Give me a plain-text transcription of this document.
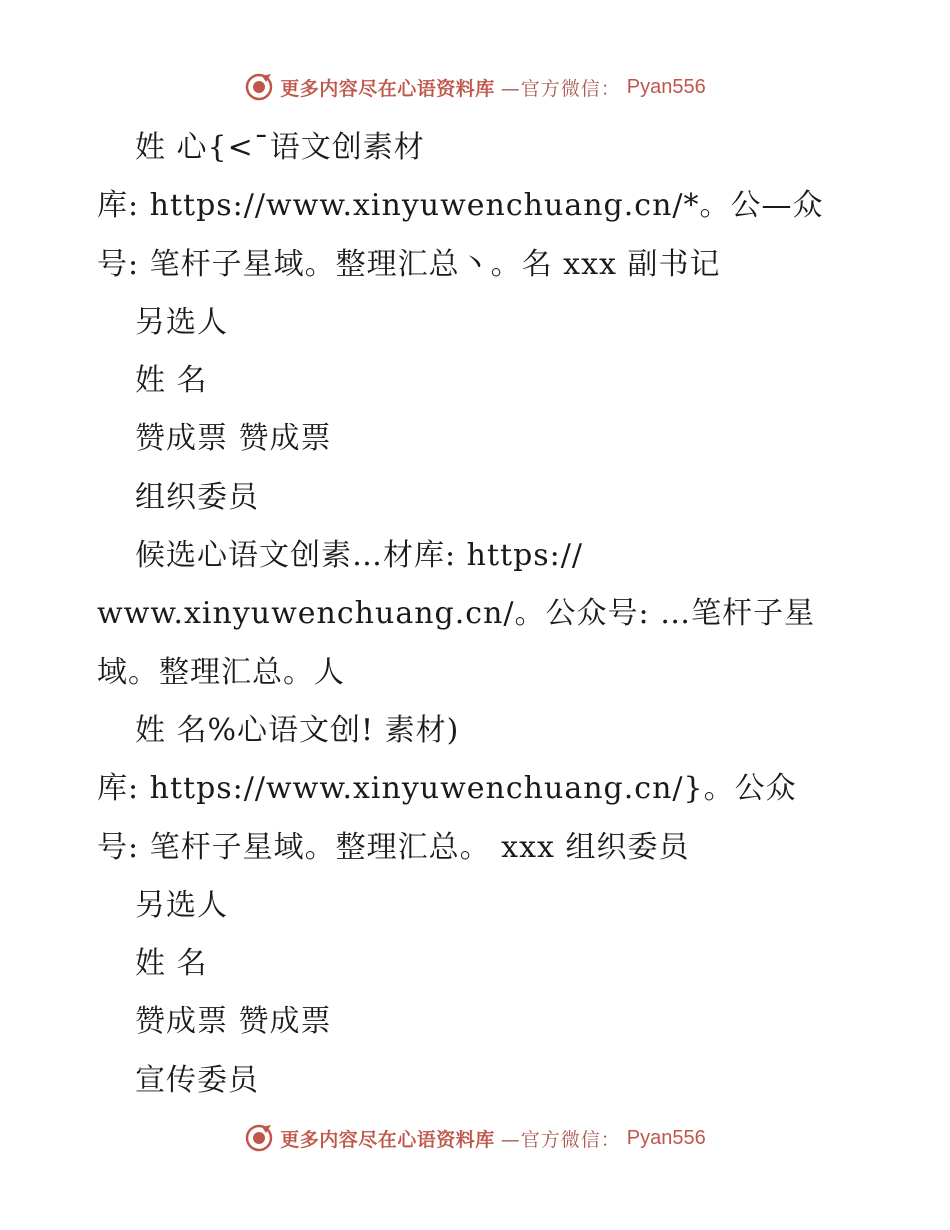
更多内容尽在心语资料库 —官方微信： Pyan556
姓 心{<¯语文创素材
库: https://www.xinyuwenchuang.cn/*。公—众
号: 笔杆子星域。整理汇总丶。名 xxx 副书记
另选人
姓 名
赞成票 赞成票
组织委员
候选心语文创素…材库: https://
www.xinyuwenchuang.cn/。公众号: …笔杆子星
域。整理汇总。人
姓 名%心语文创! 素材)
库: https://www.xinyuwenchuang.cn/}。公众
号: 笔杆子星域。整理汇总。 xxx 组织委员
另选人
姓 名
赞成票 赞成票
宣传委员
更多内容尽在心语资料库 —官方微信： Pyan556
